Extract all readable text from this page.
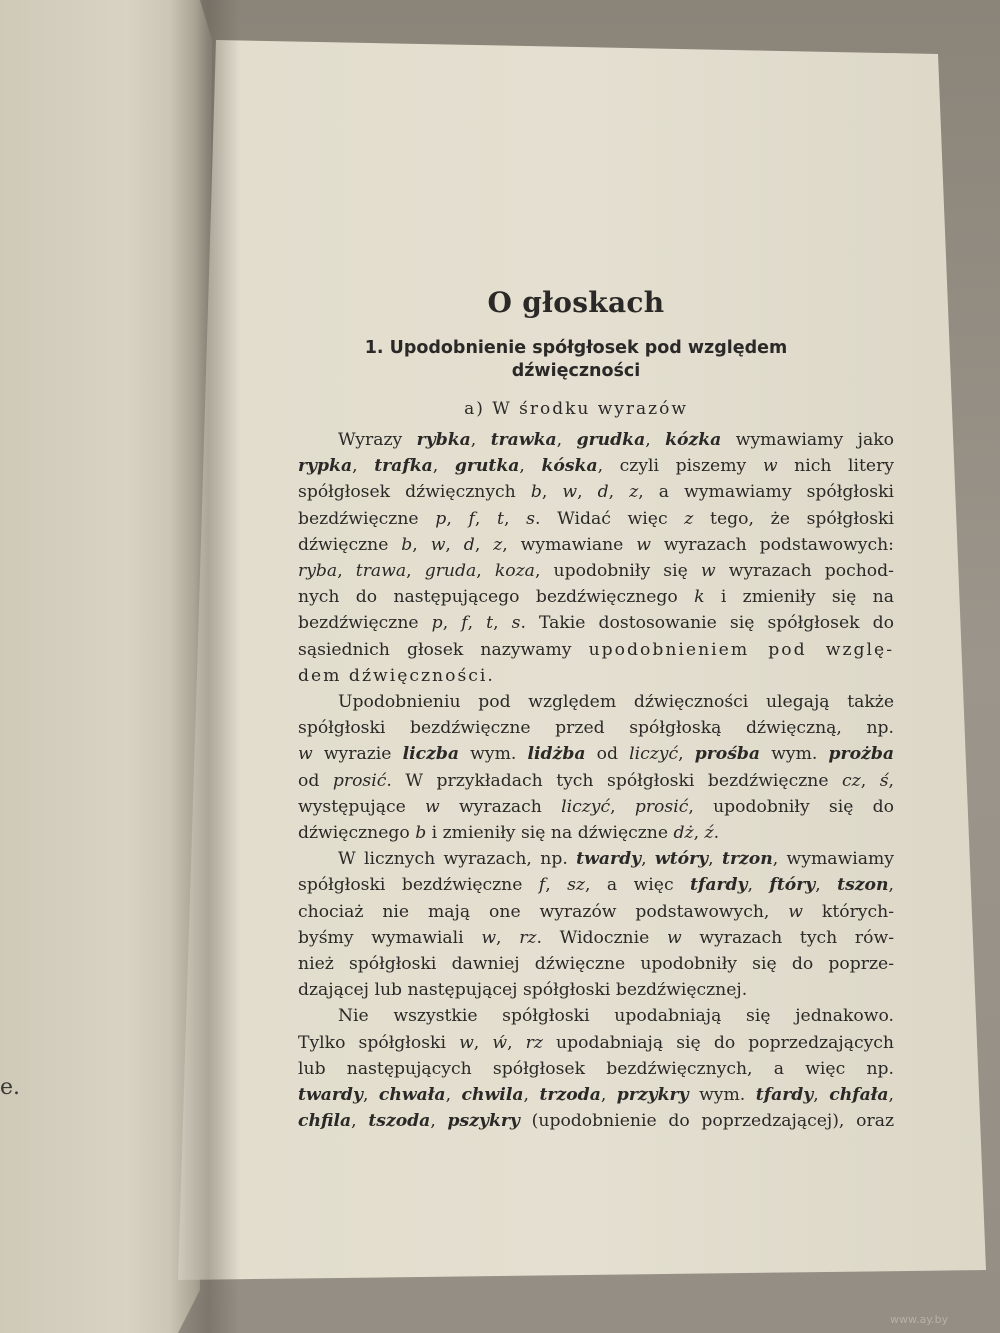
e.
O głoskach
1. Upodobnienie spółgłosek pod względem
dźwięczności
a) W środku wyrazów
Wyrazy rybka, trawka, grudka, kózka wymawiamy jako
rypka, trafka, grutka, kóska, czyli piszemy w nich litery
spółgłosek dźwięcznych b, w, d, z, a wymawiamy spółgłoski
bezdźwięczne p, f, t, s. Widać więc z tego, że spółgłoski
dźwięczne b, w, d, z, wymawiane w wyrazach podstawowych:
ryba, trawa, gruda, koza, upodobniły się w wyrazach pochod-
nych do następującego bezdźwięcznego k i zmieniły się na
bezdźwięczne p, f, t, s. Takie dostosowanie się spółgłosek do
sąsiednich głosek nazywamy upodobnieniem pod wzglę-
dem dźwięczności.
Upodobnieniu pod względem dźwięczności ulegają także
spółgłoski bezdźwięczne przed spółgłoską dźwięczną, np.
w wyrazie liczba wym. lidżba od liczyć, prośba wym. prożba
od prosić. W przykładach tych spółgłoski bezdźwięczne cz, ś,
występujące w wyrazach liczyć, prosić, upodobniły się do
dźwięcznego b i zmieniły się na dźwięczne dż, ź.
W licznych wyrazach, np. twardy, wtóry, trzon, wymawiamy
spółgłoski bezdźwięczne f, sz, a więc tfardy, ftóry, tszon,
chociaż nie mają one wyrazów podstawowych, w których-
byśmy wymawiali w, rz. Widocznie w wyrazach tych rów-
nież spółgłoski dawniej dźwięczne upodobniły się do poprze-
dzającej lub następującej spółgłoski bezdźwięcznej.
Nie wszystkie spółgłoski upodabniają się jednakowo.
Tylko spółgłoski w, ẃ, rz upodabniają się do poprzedzających
lub następujących spółgłosek bezdźwięcznych, a więc np.
twardy, chwała, chwila, trzoda, przykry wym. tfardy, chfała,
chfila, tszoda, pszykry (upodobnienie do poprzedzającej), oraz
www.ay.by
